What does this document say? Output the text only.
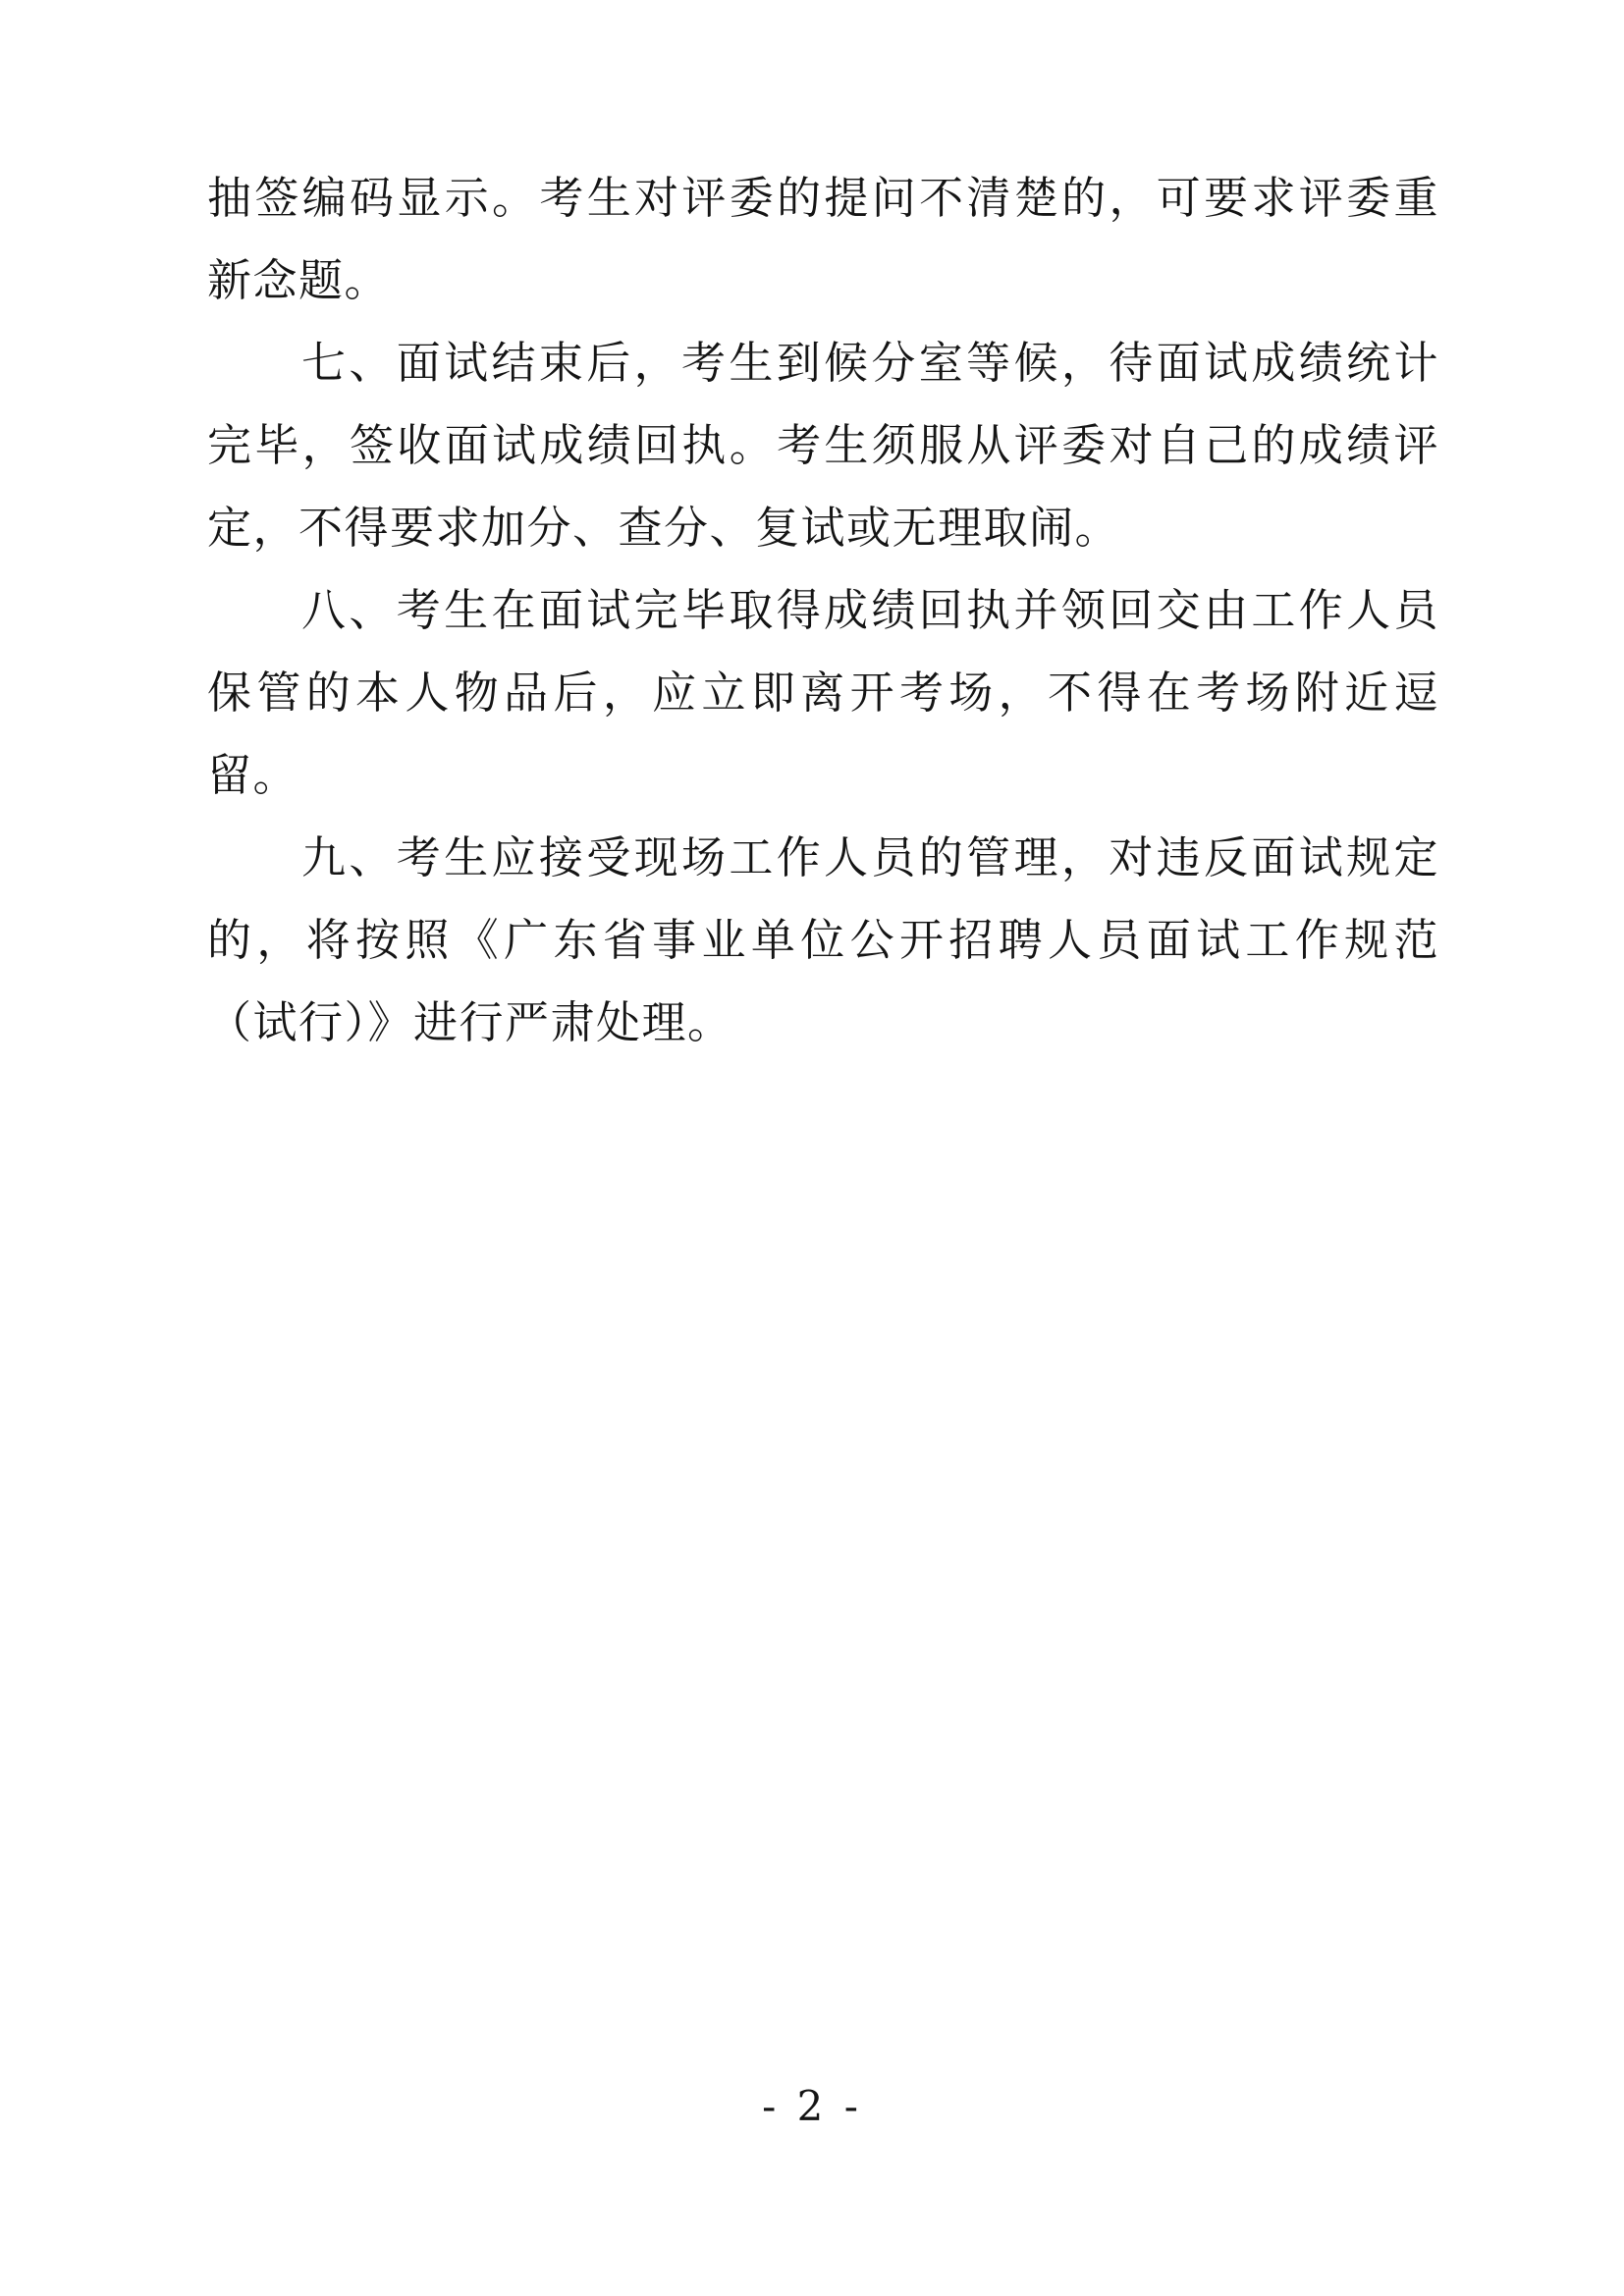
抽签编码显示。考生对评委的提问不清楚的，可要求评委重新念题。

七、面试结束后，考生到候分室等候，待面试成绩统计完毕，签收面试成绩回执。考生须服从评委对自己的成绩评定，不得要求加分、查分、复试或无理取闹。

八、考生在面试完毕取得成绩回执并领回交由工作人员保管的本人物品后，应立即离开考场，不得在考场附近逗留。

九、考生应接受现场工作人员的管理，对违反面试规定的，将按照《广东省事业单位公开招聘人员面试工作规范（试行）》进行严肃处理。

- 2 -
